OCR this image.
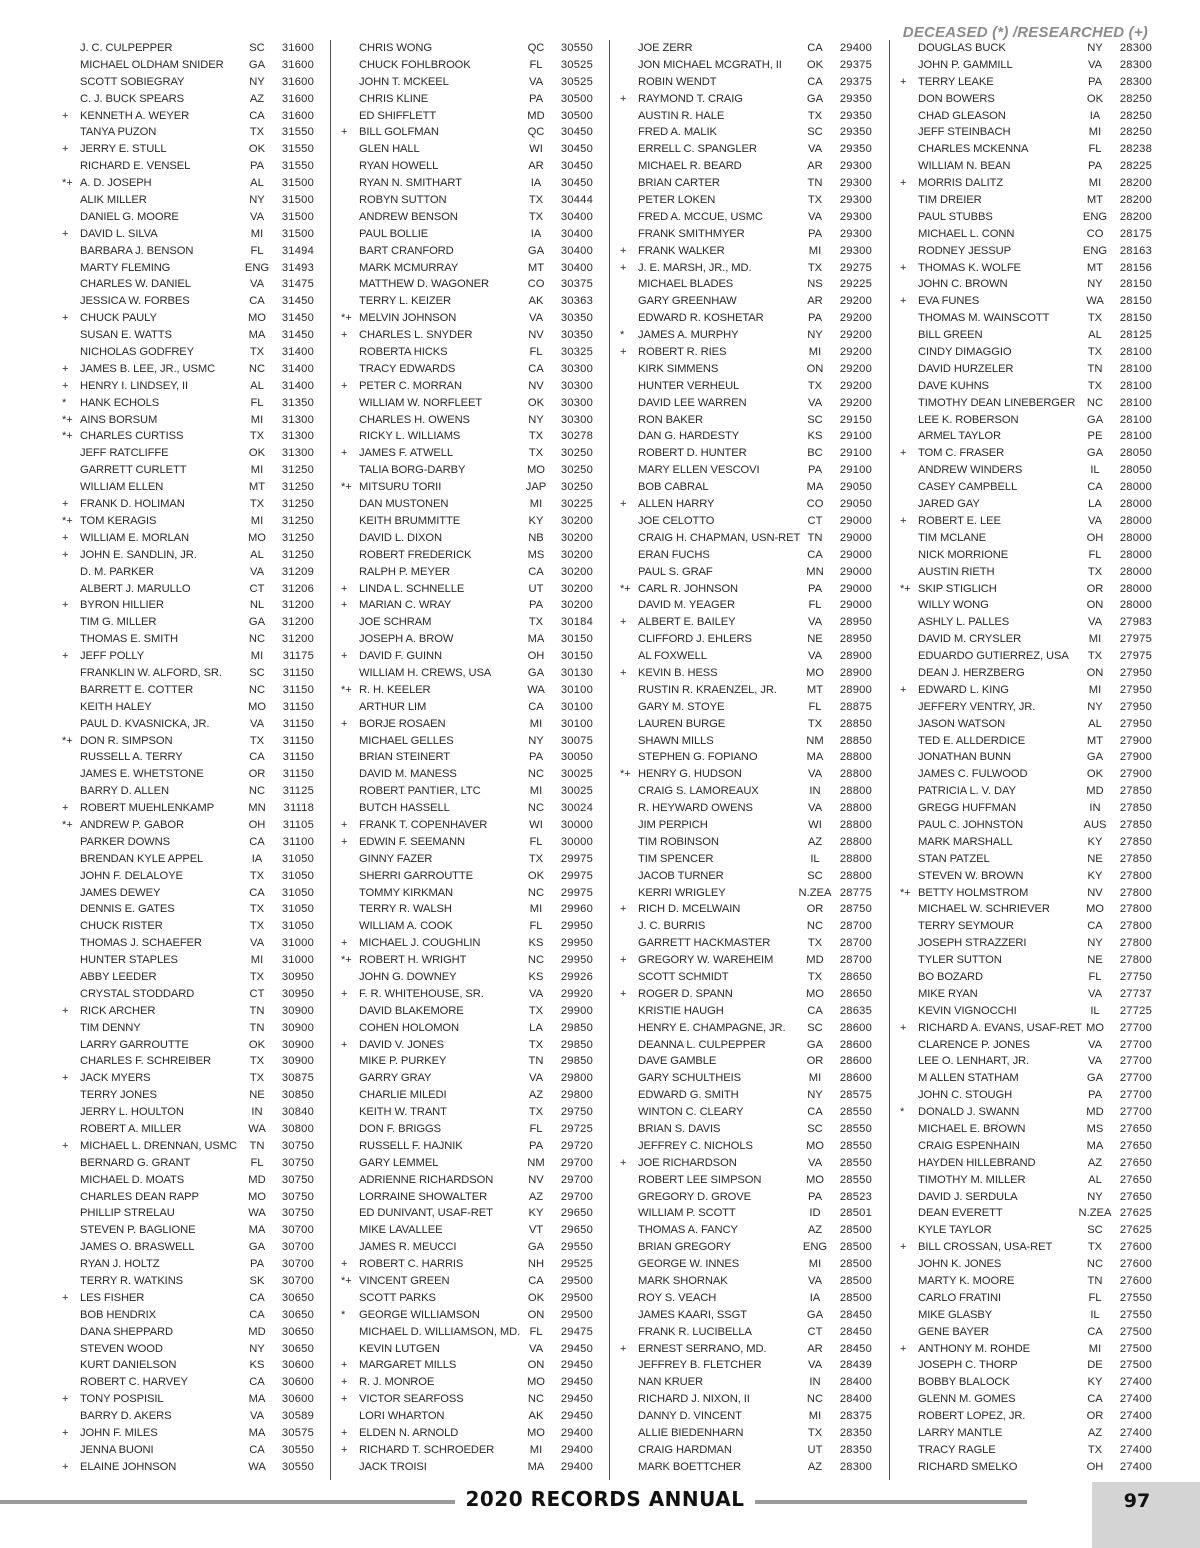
DECEASED (*) /RESEARCHED (+)
J. C. CULPEPPER	SC	31600
MICHAEL OLDHAM SNIDER	GA	31600
SCOTT SOBIEGRAY	NY	31600
C. J. BUCK SPEARS	AZ	31600
+	KENNETH A. WEYER	CA	31600
TANYA PUZON	TX	31550
+	JERRY E. STULL	OK	31550
RICHARD E. VENSEL	PA	31550
*+ A. D. JOSEPH	AL	31500
ALIK MILLER	NY	31500
DANIEL G. MOORE	VA	31500
+	DAVID L. SILVA	MI	31500
BARBARA J. BENSON	FL	31494
MARTY FLEMING	ENG	31493
CHARLES W. DANIEL	VA	31475
JESSICA W. FORBES	CA	31450
+	CHUCK PAULY	MO	31450
SUSAN E. WATTS	MA	31450
NICHOLAS GODFREY	TX	31400
+	JAMES B. LEE, JR., USMC	NC	31400
+	HENRY I. LINDSEY, II	AL	31400
*	HANK ECHOLS	FL	31350
*+ AINS BORSUM	MI	31300
*+ CHARLES CURTISS	TX	31300
JEFF RATCLIFFE	OK	31300
GARRETT CURLETT	MI	31250
WILLIAM ELLEN	MT	31250
+	FRANK D. HOLIMAN	TX	31250
*+ TOM KERAGIS	MI	31250
+	WILLIAM E. MORLAN	MO	31250
+	JOHN E. SANDLIN, JR.	AL	31250
D. M. PARKER	VA	31209
ALBERT J. MARULLO	CT	31206
+	BYRON HILLIER	NL	31200
TIM G. MILLER	GA	31200
THOMAS E. SMITH	NC	31200
+	JEFF POLLY	MI	31175
FRANKLIN W. ALFORD, SR.	SC	31150
BARRETT E. COTTER	NC	31150
KEITH HALEY	MO	31150
PAUL D. KVASNICKA, JR.	VA	31150
*+ DON R. SIMPSON	TX	31150
RUSSELL A. TERRY	CA	31150
JAMES E. WHETSTONE	OR	31150
BARRY D. ALLEN	NC	31125
+	ROBERT MUEHLENKAMP	MN	31118
*+ ANDREW P. GABOR	OH	31105
PARKER DOWNS	CA	31100
BRENDAN KYLE APPEL	IA	31050
JOHN F. DELALOYE	TX	31050
JAMES DEWEY	CA	31050
DENNIS E. GATES	TX	31050
CHUCK RISTER	TX	31050
THOMAS J. SCHAEFER	VA	31000
HUNTER STAPLES	MI	31000
ABBY LEEDER	TX	30950
CRYSTAL STODDARD	CT	30950
+	RICK ARCHER	TN	30900
TIM DENNY	TN	30900
LARRY GARROUTTE	OK	30900
CHARLES F. SCHREIBER	TX	30900
+	JACK MYERS	TX	30875
TERRY JONES	NE	30850
JERRY L. HOULTON	IN	30840
ROBERT A. MILLER	WA	30800
+	MICHAEL L. DRENNAN, USMC	TN	30750
BERNARD G. GRANT	FL	30750
MICHAEL D. MOATS	MD	30750
CHARLES DEAN RAPP	MO	30750
PHILLIP STRELAU	WA	30750
STEVEN P. BAGLIONE	MA	30700
JAMES O. BRASWELL	GA	30700
RYAN J. HOLTZ	PA	30700
TERRY R. WATKINS	SK	30700
+	LES FISHER	CA	30650
BOB HENDRIX	CA	30650
DANA SHEPPARD	MD	30650
STEVEN WOOD	NY	30650
KURT DANIELSON	KS	30600
ROBERT C. HARVEY	CA	30600
+	TONY POSPISIL	MA	30600
BARRY D. AKERS	VA	30589
+	JOHN F. MILES	MA	30575
JENNA BUONI	CA	30550
+	ELAINE JOHNSON	WA	30550
CHRIS WONG	QC	30550
CHUCK FOHLBROOK	FL	30525
JOHN T. MCKEEL	VA	30525
CHRIS KLINE	PA	30500
ED SHIFFLETT	MD	30500
+	BILL GOLFMAN	QC	30450
GLEN HALL	WI	30450
RYAN HOWELL	AR	30450
RYAN N. SMITHART	IA	30450
ROBYN SUTTON	TX	30444
ANDREW BENSON	TX	30400
PAUL BOLLIE	IA	30400
BART CRANFORD	GA	30400
MARK MCMURRAY	MT	30400
MATTHEW D. WAGONER	CO	30375
TERRY L. KEIZER	AK	30363
*+ MELVIN JOHNSON	VA	30350
+	CHARLES L. SNYDER	NV	30350
ROBERTA HICKS	FL	30325
TRACY EDWARDS	CA	30300
+	PETER C. MORRAN	NV	30300
WILLIAM W. NORFLEET	OK	30300
CHARLES H. OWENS	NY	30300
RICKY L. WILLIAMS	TX	30278
+	JAMES F. ATWELL	TX	30250
TALIA BORG-DARBY	MO	30250
*+ MITSURU TORII	JAP	30250
DAN MUSTONEN	MI	30225
KEITH BRUMMITTE	KY	30200
DAVID L. DIXON	NB	30200
ROBERT FREDERICK	MS	30200
RALPH P. MEYER	CA	30200
+	LINDA L. SCHNELLE	UT	30200
+	MARIAN C. WRAY	PA	30200
JOE SCHRAM	TX	30184
JOSEPH A. BROW	MA	30150
+	DAVID F. GUINN	OH	30150
WILLIAM H. CREWS, USA	GA	30130
*+ R. H. KEELER	WA	30100
ARTHUR LIM	CA	30100
+	BORJE ROSAEN	MI	30100
MICHAEL GELLES	NY	30075
BRIAN STEINERT	PA	30050
DAVID M. MANESS	NC	30025
ROBERT PANTIER, LTC	MI	30025
BUTCH HASSELL	NC	30024
+	FRANK T. COPENHAVER	WI	30000
+	EDWIN F. SEEMANN	FL	30000
GINNY FAZER	TX	29975
SHERRI GARROUTTE	OK	29975
TOMMY KIRKMAN	NC	29975
TERRY R. WALSH	MI	29960
WILLIAM A. COOK	FL	29950
+	MICHAEL J. COUGHLIN	KS	29950
*+ ROBERT H. WRIGHT	NC	29950
JOHN G. DOWNEY	KS	29926
+	F. R. WHITEHOUSE, SR.	VA	29920
DAVID BLAKEMORE	TX	29900
COHEN HOLOMON	LA	29850
+	DAVID V. JONES	TX	29850
MIKE P. PURKEY	TN	29850
GARRY GRAY	VA	29800
CHARLIE MILEDI	AZ	29800
KEITH W. TRANT	TX	29750
DON F. BRIGGS	FL	29725
RUSSELL F. HAJNIK	PA	29720
GARY LEMMEL	NM	29700
ADRIENNE RICHARDSON	NV	29700
LORRAINE SHOWALTER	AZ	29700
ED DUNIVANT, USAF-RET	KY	29650
MIKE LAVALLEE	VT	29650
JAMES R. MEUCCI	GA	29550
+	ROBERT C. HARRIS	NH	29525
*+ VINCENT GREEN	CA	29500
SCOTT PARKS	OK	29500
*	GEORGE WILLIAMSON	ON	29500
MICHAEL D. WILLIAMSON, MD. FL	29475
KEVIN LUTGEN	VA	29450
+	MARGARET MILLS	ON	29450
+	R. J. MONROE	MO	29450
+	VICTOR SEARFOSS	NC	29450
LORI WHARTON	AK	29450
+	ELDEN N. ARNOLD	MO	29400
+	RICHARD T. SCHROEDER	MI	29400
JACK TROISI	MA	29400
JOE ZERR	CA	29400
JON MICHAEL MCGRATH, II	OK	29375
ROBIN WENDT	CA	29375
+	RAYMOND T. CRAIG	GA	29350
AUSTIN R. HALE	TX	29350
FRED A. MALIK	SC	29350
ERRELL C. SPANGLER	VA	29350
MICHAEL R. BEARD	AR	29300
BRIAN CARTER	TN	29300
PETER LOKEN	TX	29300
FRED A. MCCUE, USMC	VA	29300
FRANK SMITHMYER	PA	29300
+	FRANK WALKER	MI	29300
+	J. E. MARSH, JR., MD.	TX	29275
MICHAEL BLADES	NS	29225
GARY GREENHAW	AR	29200
EDWARD R. KOSHETAR	PA	29200
*	JAMES A. MURPHY	NY	29200
+	ROBERT R. RIES	MI	29200
KIRK SIMMENS	ON	29200
HUNTER VERHEUL	TX	29200
DAVID LEE WARREN	VA	29200
RON BAKER	SC	29150
DAN G. HARDESTY	KS	29100
ROBERT D. HUNTER	BC	29100
MARY ELLEN VESCOVI	PA	29100
BOB CABRAL	MA	29050
+	ALLEN HARRY	CO	29050
JOE CELOTTO	CT	29000
CRAIG H. CHAPMAN, USN-RET TN	29000
ERAN FUCHS	CA	29000
PAUL S. GRAF	MN	29000
*+ CARL R. JOHNSON	PA	29000
DAVID M. YEAGER	FL	29000
+	ALBERT E. BAILEY	VA	28950
CLIFFORD J. EHLERS	NE	28950
AL FOXWELL	VA	28900
+	KEVIN B. HESS	MO	28900
RUSTIN R. KRAENZEL, JR.	MT	28900
GARY M. STOYE	FL	28875
LAUREN BURGE	TX	28850
SHAWN MILLS	NM	28850
STEPHEN G. FOPIANO	MA	28800
*+ HENRY G. HUDSON	VA	28800
CRAIG S. LAMOREAUX	IN	28800
R. HEYWARD OWENS	VA	28800
JIM PERPICH	WI	28800
TIM ROBINSON	AZ	28800
TIM SPENCER	IL	28800
JACOB TURNER	SC	28800
KERRI WRIGLEY	N.ZEA 28775
+	RICH D. MCELWAIN	OR	28750
J. C. BURRIS	NC	28700
GARRETT HACKMASTER	TX	28700
+	GREGORY W. WAREHEIM	MD	28700
SCOTT SCHMIDT	TX	28650
+	ROGER D. SPANN	MO	28650
KRISTIE HAUGH	CA	28635
HENRY E. CHAMPAGNE, JR.	SC	28600
DEANNA L. CULPEPPER	GA	28600
DAVE GAMBLE	OR	28600
GARY SCHULTHEIS	MI	28600
EDWARD G. SMITH	NY	28575
WINTON C. CLEARY	CA	28550
BRIAN S. DAVIS	SC	28550
JEFFREY C. NICHOLS	MO	28550
+	JOE RICHARDSON	VA	28550
ROBERT LEE SIMPSON	MO	28550
GREGORY D. GROVE	PA	28523
WILLIAM P. SCOTT	ID	28501
THOMAS A. FANCY	AZ	28500
BRIAN GREGORY	ENG	28500
GEORGE W. INNES	MI	28500
MARK SHORNAK	VA	28500
ROY S. VEACH	IA	28500
JAMES KAARI, SSGT	GA	28450
FRANK R. LUCIBELLA	CT	28450
+	ERNEST SERRANO, MD.	AR	28450
JEFFREY B. FLETCHER	VA	28439
NAN KRUER	IN	28400
RICHARD J. NIXON, II	NC	28400
DANNY D. VINCENT	MI	28375
ALLIE BIEDENHARN	TX	28350
CRAIG HARDMAN	UT	28350
MARK BOETTCHER	AZ	28300
DOUGLAS BUCK	NY	28300
JOHN P. GAMMILL	VA	28300
+	TERRY LEAKE	PA	28300
DON BOWERS	OK	28250
CHAD GLEASON	IA	28250
JEFF STEINBACH	MI	28250
CHARLES MCKENNA	FL	28238
WILLIAM N. BEAN	PA	28225
+	MORRIS DALITZ	MI	28200
TIM DREIER	MT	28200
PAUL STUBBS	ENG	28200
MICHAEL L. CONN	CO	28175
RODNEY JESSUP	ENG	28163
+	THOMAS K. WOLFE	MT	28156
JOHN C. BROWN	NY	28150
+	EVA FUNES	WA	28150
THOMAS M. WAINSCOTT	TX	28150
BILL GREEN	AL	28125
CINDY DIMAGGIO	TX	28100
DAVID HURZELER	TN	28100
DAVE KUHNS	TX	28100
TIMOTHY DEAN LINEBERGER	NC	28100
LEE K. ROBERSON	GA	28100
ARMEL TAYLOR	PE	28100
+	TOM C. FRASER	GA	28050
ANDREW WINDERS	IL	28050
CASEY CAMPBELL	CA	28000
JARED GAY	LA	28000
+	ROBERT E. LEE	VA	28000
TIM MCLANE	OH	28000
NICK MORRIONE	FL	28000
AUSTIN RIETH	TX	28000
*+ SKIP STIGLICH	OR	28000
WILLY WONG	ON	28000
ASHLY L. PALLES	VA	27983
DAVID M. CRYSLER	MI	27975
EDUARDO GUTIERREZ, USA	TX	27975
DEAN J. HERZBERG	ON	27950
+	EDWARD L. KING	MI	27950
JEFFERY VENTRY, JR.	NY	27950
JASON WATSON	AL	27950
TED E. ALLDERDICE	MT	27900
JONATHAN BUNN	GA	27900
JAMES C. FULWOOD	OK	27900
PATRICIA L. V. DAY	MD	27850
GREGG HUFFMAN	IN	27850
PAUL C. JOHNSTON	AUS	27850
MARK MARSHALL	KY	27850
STAN PATZEL	NE	27850
STEVEN W. BROWN	KY	27800
*+ BETTY HOLMSTROM	NV	27800
MICHAEL W. SCHRIEVER	MO	27800
TERRY SEYMOUR	CA	27800
JOSEPH STRAZZERI	NY	27800
TYLER SUTTON	NE	27800
BO BOZARD	FL	27750
MIKE RYAN	VA	27737
KEVIN VIGNOCCHI	IL	27725
+	RICHARD A. EVANS, USAF-RET MO	27700
CLARENCE P. JONES	VA	27700
LEE O. LENHART, JR.	VA	27700
M ALLEN STATHAM	GA	27700
JOHN C. STOUGH	PA	27700
*	DONALD J. SWANN	MD	27700
MICHAEL E. BROWN	MS	27650
CRAIG ESPENHAIN	MA	27650
HAYDEN HILLEBRAND	AZ	27650
TIMOTHY M. MILLER	AL	27650
DAVID J. SERDULA	NY	27650
DEAN EVERETT	N.ZEA 27625
KYLE TAYLOR	SC	27625
+	BILL CROSSAN, USA-RET	TX	27600
JOHN K. JONES	NC	27600
MARTY K. MOORE	TN	27600
CARLO FRATINI	FL	27550
MIKE GLASBY	IL	27550
GENE BAYER	CA	27500
+	ANTHONY M. ROHDE	MI	27500
JOSEPH C. THORP	DE	27500
BOBBY BLALOCK	KY	27400
GLENN M. GOMES	CA	27400
ROBERT LOPEZ, JR.	OR	27400
LARRY MANTLE	AZ	27400
TRACY RAGLE	TX	27400
RICHARD SMELKO	OH	27400
2020 RECORDS ANNUAL	97
